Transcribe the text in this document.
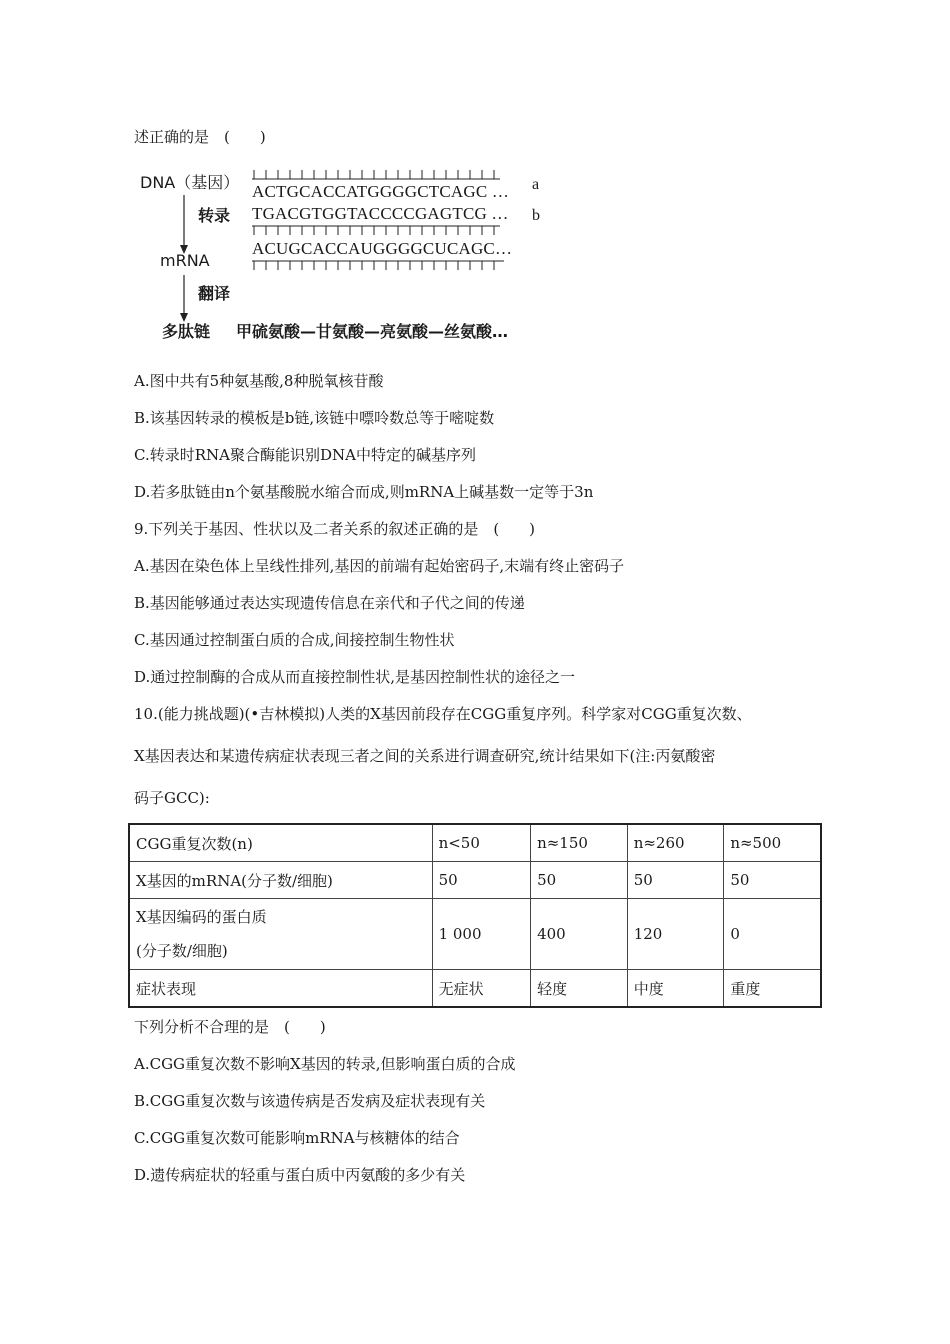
述正确的是　(　　)
DNA（基因） ACTGCACCATGGGGCTCAGC … a
转录 TGACGTGGTACCCCGAGTCG … b
mRNA
ACUGCACCAUGGGGCUCAGC…
翻译
多肽链 甲硫氨酸—甘氨酸—亮氨酸—丝氨酸…
A.图中共有5种氨基酸,8种脱氧核苷酸
B.该基因转录的模板是b链,该链中嘌呤数总等于嘧啶数
C.转录时RNA聚合酶能识别DNA中特定的碱基序列
D.若多肽链由n个氨基酸脱水缩合而成,则mRNA上碱基数一定等于3n
9.下列关于基因、性状以及二者关系的叙述正确的是　(　　)
A.基因在染色体上呈线性排列,基因的前端有起始密码子,末端有终止密码子
B.基因能够通过表达实现遗传信息在亲代和子代之间的传递
C.基因通过控制蛋白质的合成,间接控制生物性状
D.通过控制酶的合成从而直接控制性状,是基因控制性状的途径之一
10.(能力挑战题)(•吉林模拟)人类的X基因前段存在CGG重复序列。科学家对CGG重复次数、
X基因表达和某遗传病症状表现三者之间的关系进行调查研究,统计结果如下(注:丙氨酸密
码子GCC):
CGG重复次数(n)	n<50	n≈150	n≈260	n≈500
X基因的mRNA(分子数/细胞)	50	50	50	50

X基因编码的蛋白质
(分子数/细胞)	1 000	400	120	0
症状表现	无症状	轻度	中度	重度
下列分析不合理的是　(　　)
A.CGG重复次数不影响X基因的转录,但影响蛋白质的合成
B.CGG重复次数与该遗传病是否发病及症状表现有关
C.CGG重复次数可能影响mRNA与核糖体的结合
D.遗传病症状的轻重与蛋白质中丙氨酸的多少有关
